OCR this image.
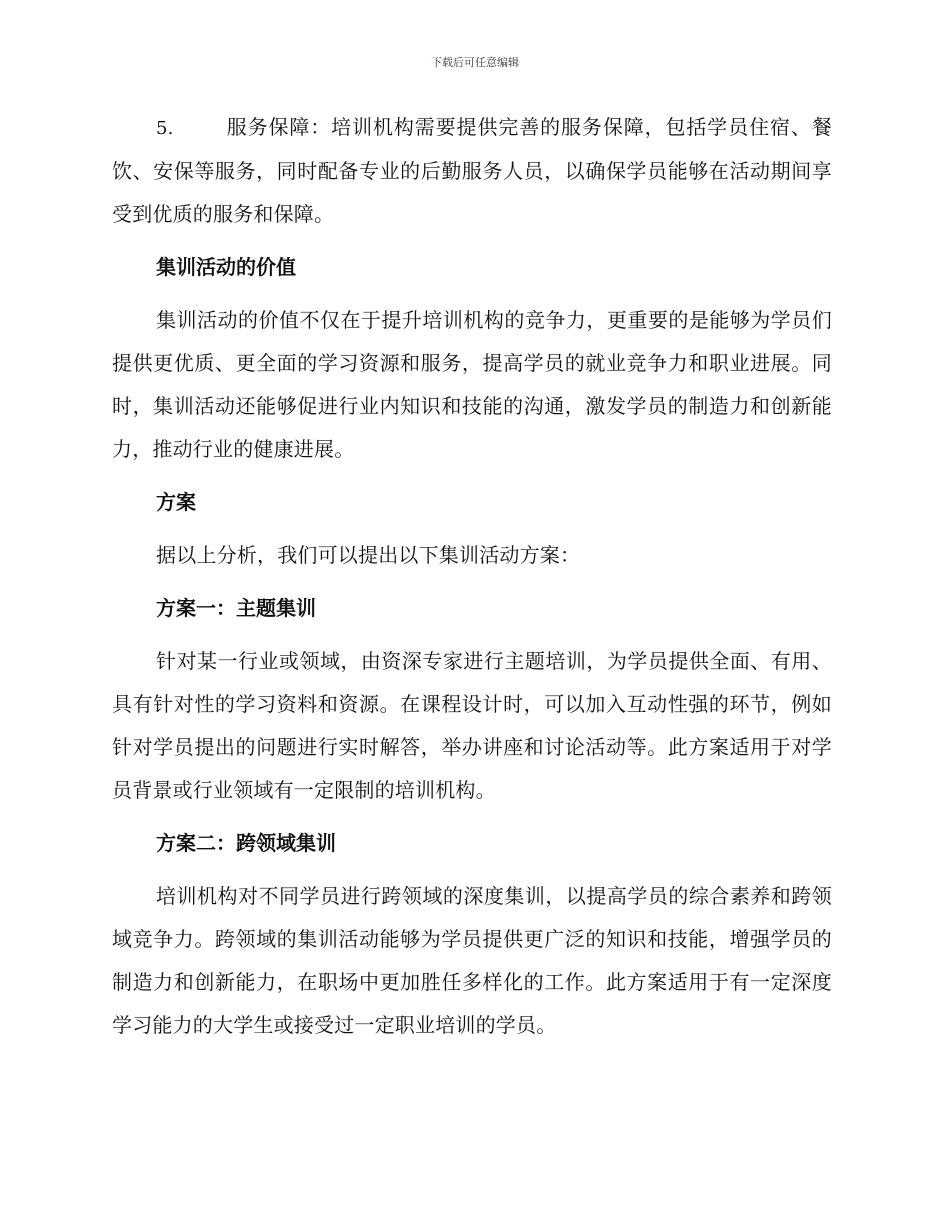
下载后可任意编辑

5.	服务保障：培训机构需要提供完善的服务保障，包括学员住宿、餐饮、安保等服务，同时配备专业的后勤服务人员，以确保学员能够在活动期间享受到优质的服务和保障。

集训活动的价值

集训活动的价值不仅在于提升培训机构的竞争力，更重要的是能够为学员们提供更优质、更全面的学习资源和服务，提高学员的就业竞争力和职业进展。同时，集训活动还能够促进行业内知识和技能的沟通，激发学员的制造力和创新能力，推动行业的健康进展。

方案

据以上分析，我们可以提出以下集训活动方案：

方案一：主题集训

针对某一行业或领域，由资深专家进行主题培训，为学员提供全面、有用、具有针对性的学习资料和资源。在课程设计时，可以加入互动性强的环节，例如针对学员提出的问题进行实时解答，举办讲座和讨论活动等。此方案适用于对学员背景或行业领域有一定限制的培训机构。

方案二：跨领域集训

培训机构对不同学员进行跨领域的深度集训，以提高学员的综合素养和跨领域竞争力。跨领域的集训活动能够为学员提供更广泛的知识和技能，增强学员的制造力和创新能力，在职场中更加胜任多样化的工作。此方案适用于有一定深度学习能力的大学生或接受过一定职业培训的学员。
